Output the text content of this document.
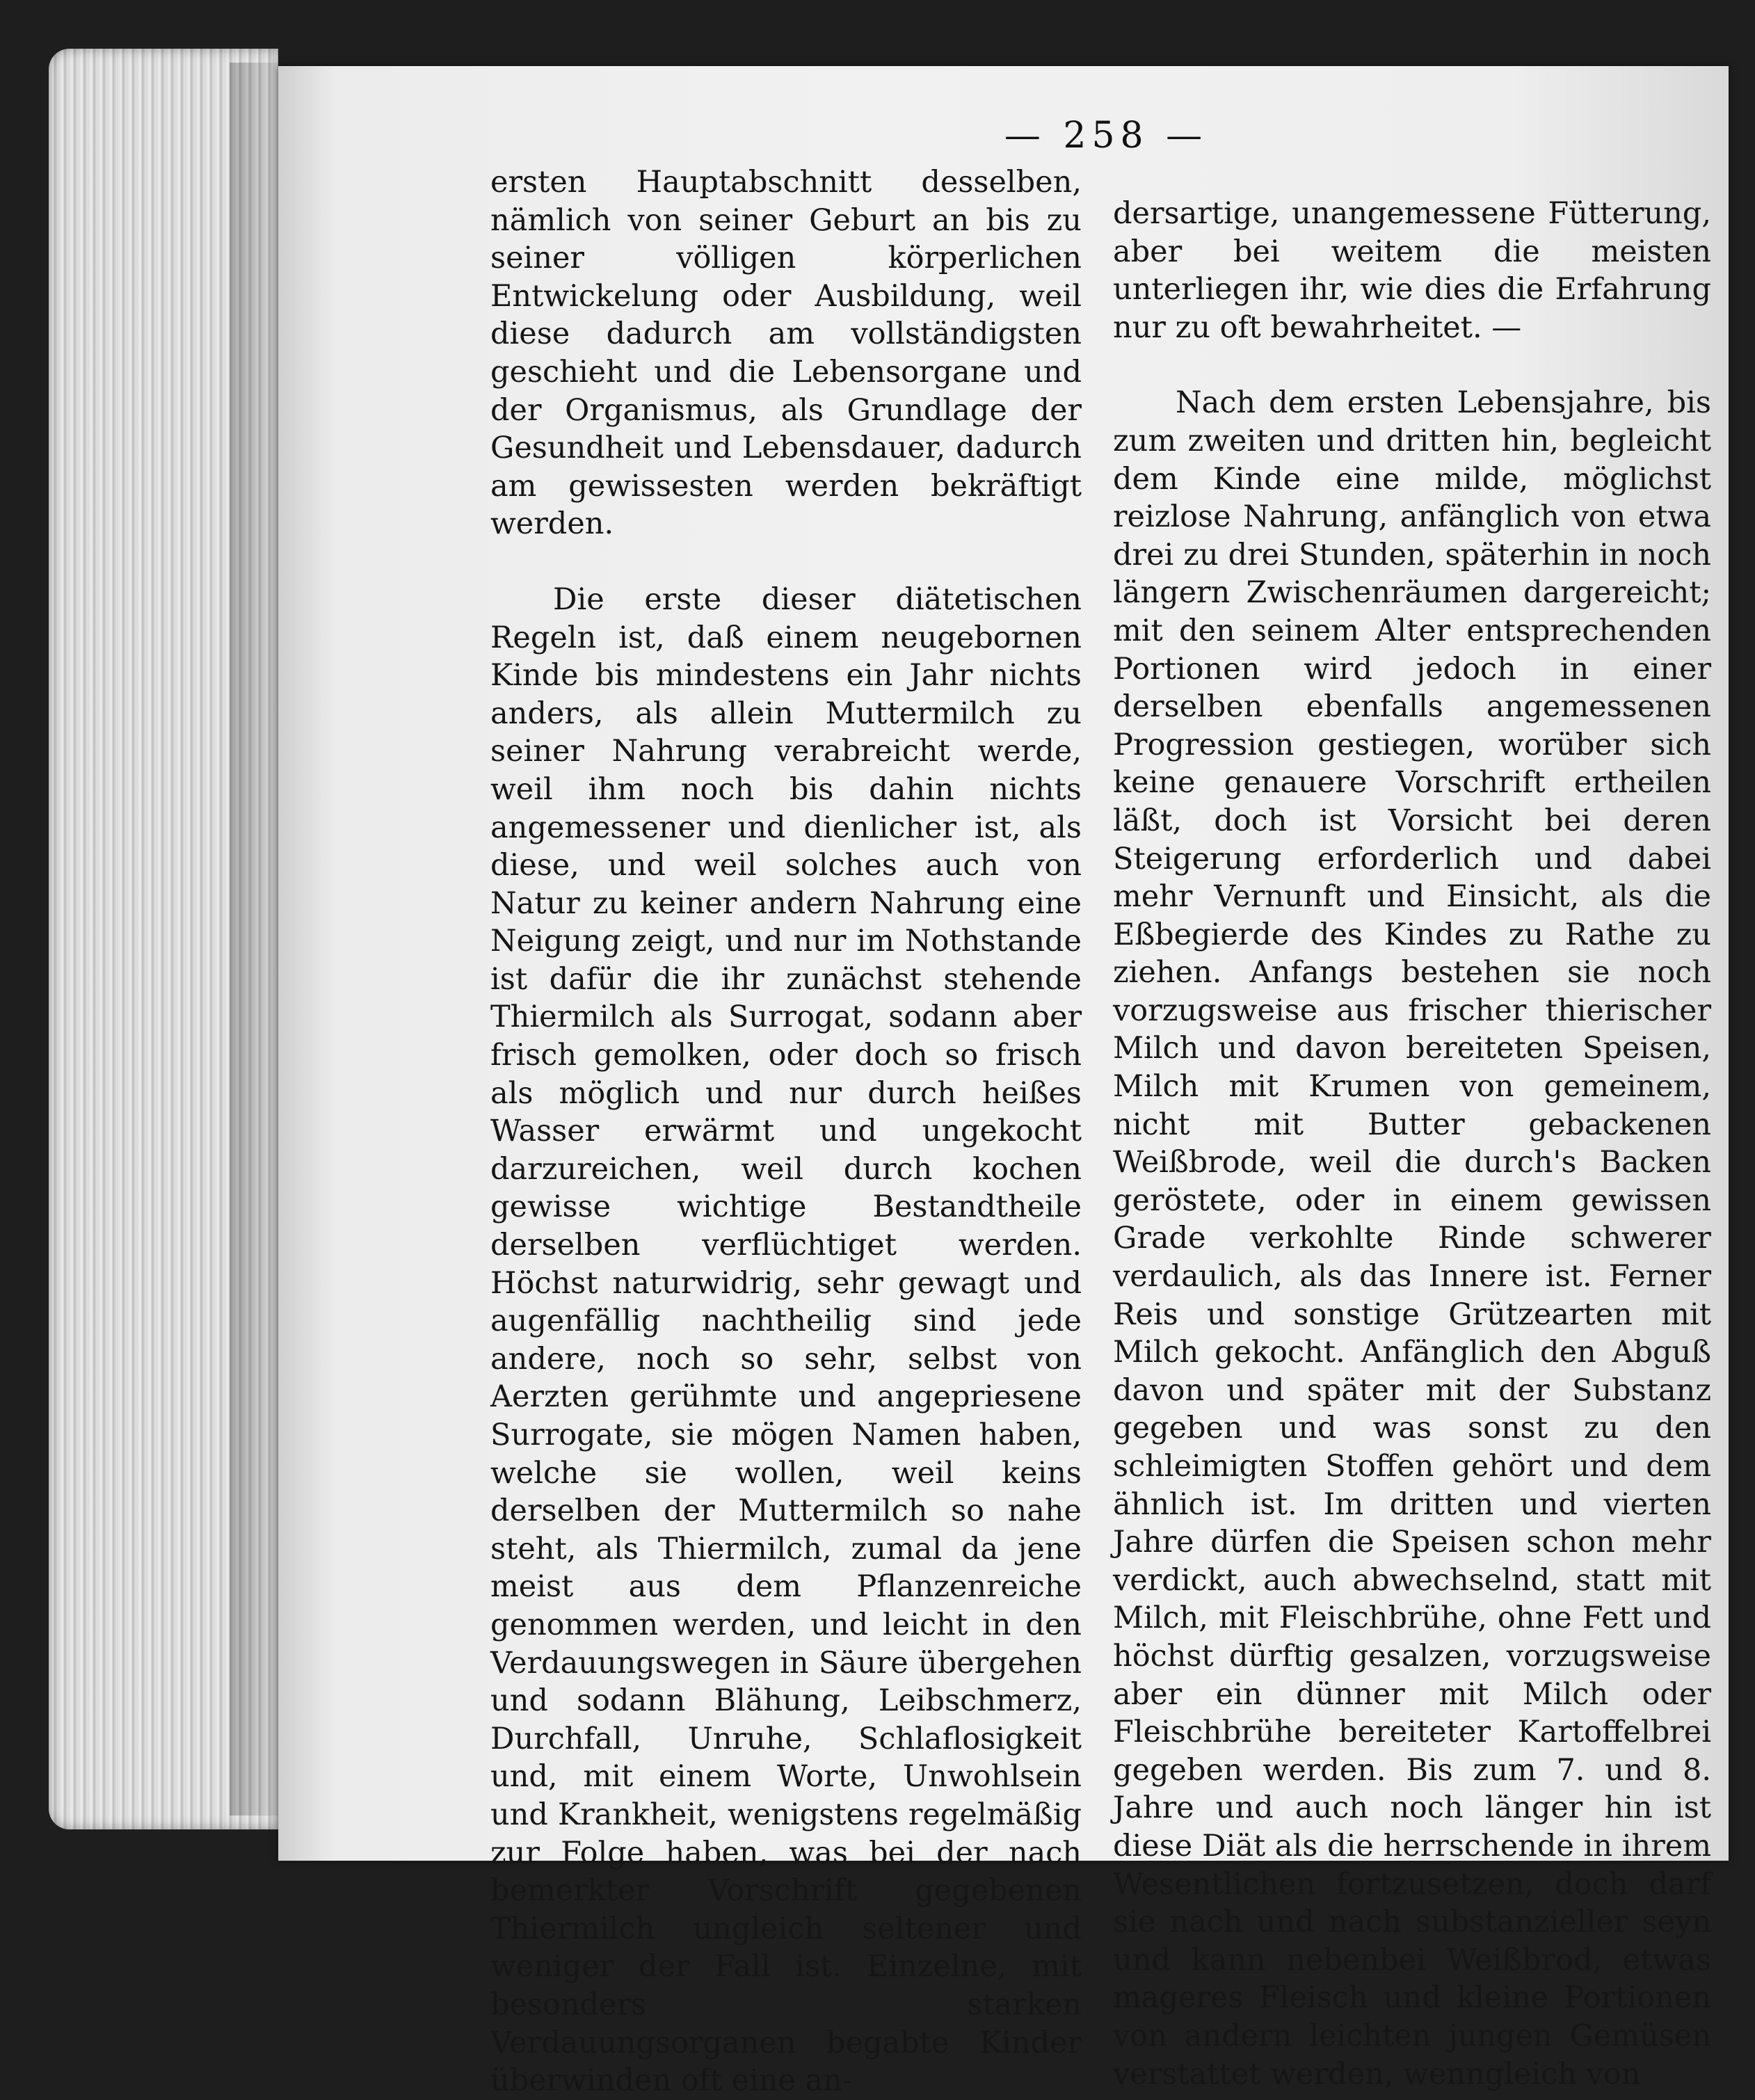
— 258 —

ersten Hauptabschnitt desselben, nämlich von seiner Geburt an bis zu seiner völligen körperlichen Entwickelung oder Ausbildung, weil diese dadurch am vollständigsten geschieht und die Lebensorgane und der Organismus, als Grundlage der Gesundheit und Lebensdauer, dadurch am gewissesten werden bekräftigt werden.

Die erste dieser diätetischen Regeln ist, daß einem neugebornen Kinde bis mindestens ein Jahr nichts anders, als allein Muttermilch zu seiner Nahrung verabreicht werde, weil ihm noch bis dahin nichts angemessener und dienlicher ist, als diese, und weil solches auch von Natur zu keiner andern Nahrung eine Neigung zeigt, und nur im Nothstande ist dafür die ihr zunächst stehende Thiermilch als Surrogat, sodann aber frisch gemolken, oder doch so frisch als möglich und nur durch heißes Wasser erwärmt und ungekocht darzureichen, weil durch kochen gewisse wichtige Bestandtheile derselben verflüchtiget werden. Höchst naturwidrig, sehr gewagt und augenfällig nachtheilig sind jede andere, noch so sehr, selbst von Aerzten gerühmte und angepriesene Surrogate, sie mögen Namen haben, welche sie wollen, weil keins derselben der Muttermilch so nahe steht, als Thiermilch, zumal da jene meist aus dem Pflanzenreiche genommen werden, und leicht in den Verdauungswegen in Säure übergehen und sodann Blähung, Leibschmerz, Durchfall, Unruhe, Schlaflosigkeit und, mit einem Worte, Unwohlsein und Krankheit, wenigstens regelmäßig zur Folge haben, was bei der nach bemerkter Vorschrift gegebenen Thiermilch ungleich seltener und weniger der Fall ist. Einzelne, mit besonders starken Verdauungsorganen begabte Kinder überwinden oft eine an-

dersartige, unangemessene Fütterung, aber bei weitem die meisten unterliegen ihr, wie dies die Erfahrung nur zu oft bewahrheitet. —

Nach dem ersten Lebensjahre, bis zum zweiten und dritten hin, begleicht dem Kinde eine milde, möglichst reizlose Nahrung, anfänglich von etwa drei zu drei Stunden, späterhin in noch längern Zwischenräumen dargereicht; mit den seinem Alter entsprechenden Portionen wird jedoch in einer derselben ebenfalls angemessenen Progression gestiegen, worüber sich keine genauere Vorschrift ertheilen läßt, doch ist Vorsicht bei deren Steigerung erforderlich und dabei mehr Vernunft und Einsicht, als die Eßbegierde des Kindes zu Rathe zu ziehen. Anfangs bestehen sie noch vorzugsweise aus frischer thierischer Milch und davon bereiteten Speisen, Milch mit Krumen von gemeinem, nicht mit Butter gebackenen Weißbrode, weil die durch's Backen geröstete, oder in einem gewissen Grade verkohlte Rinde schwerer verdaulich, als das Innere ist. Ferner Reis und sonstige Grützearten mit Milch gekocht. Anfänglich den Abguß davon und später mit der Substanz gegeben und was sonst zu den schleimigten Stoffen gehört und dem ähnlich ist. Im dritten und vierten Jahre dürfen die Speisen schon mehr verdickt, auch abwechselnd, statt mit Milch, mit Fleischbrühe, ohne Fett und höchst dürftig gesalzen, vorzugsweise aber ein dünner mit Milch oder Fleischbrühe bereiteter Kartoffelbrei gegeben werden. Bis zum 7. und 8. Jahre und auch noch länger hin ist diese Diät als die herrschende in ihrem Wesentlichen fortzusetzen, doch darf sie nach und nach substanzieller seyn und kann nebenbei Weißbrod, etwas mageres Fleisch und kleine Portionen von andern leichten jungen Gemüsen verstattet werden, wenngleich von
